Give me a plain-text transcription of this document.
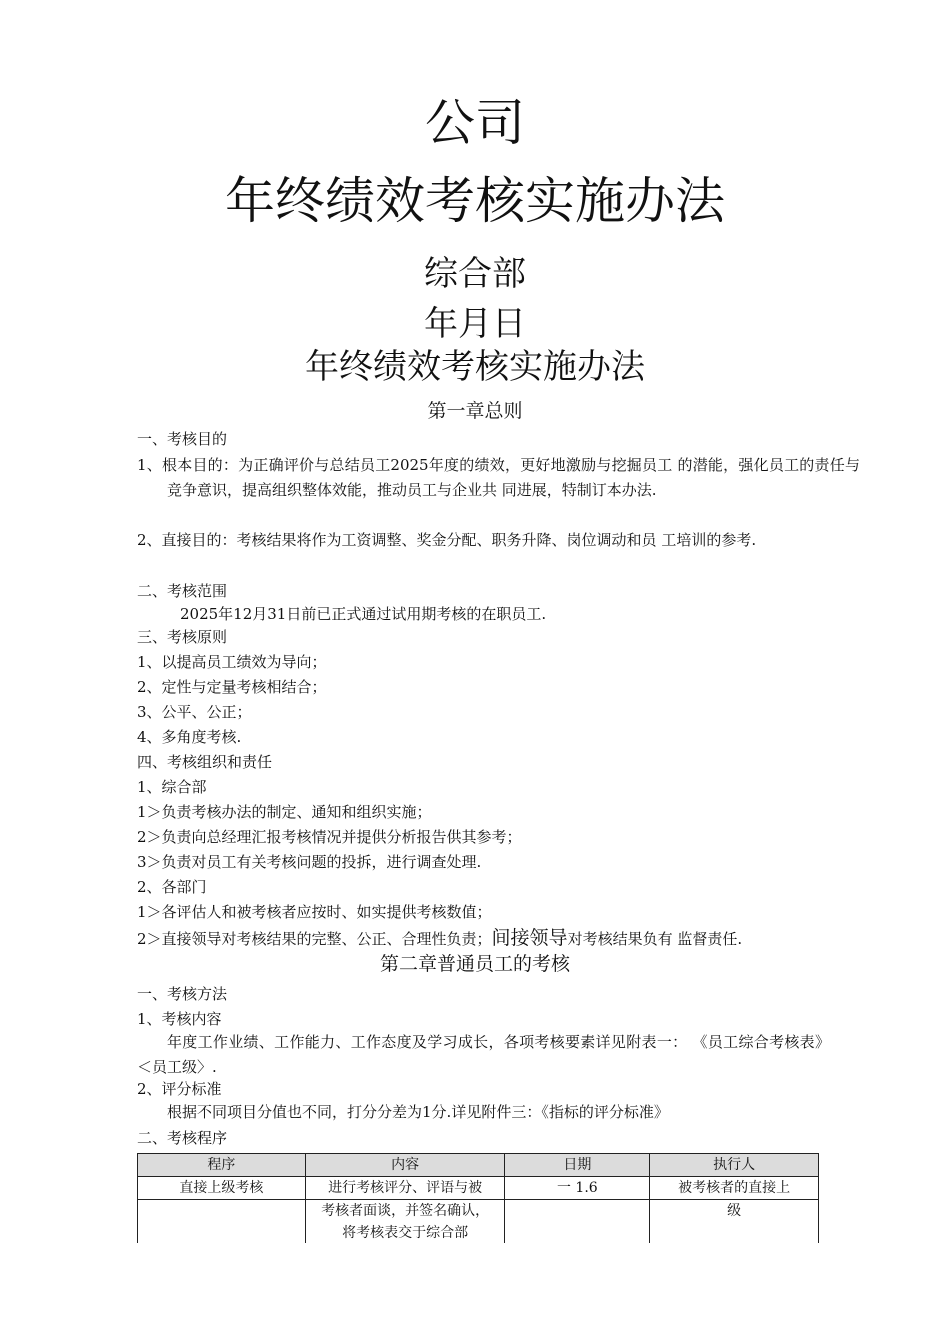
公司
年终绩效考核实施办法
综合部
年月日
年终绩效考核实施办法
第一章总则
一、考核目的
1、根本目的：为正确评价与总结员工2025年度的绩效，更好地激励与挖掘员工 的潜能，强化员工的责任与竞争意识，提高组织整体效能，推动员工与企业共 同进展，特制订本办法.
2、直接目的：考核结果将作为工资调整、奖金分配、职务升降、岗位调动和员 工培训的参考.
二、考核范围
2025年12月31日前已正式通过试用期考核的在职员工.
三、考核原则
1、以提高员工绩效为导向；
2、定性与定量考核相结合；
3、公平、公正；
4、多角度考核.
四、考核组织和责任
1、综合部
1＞负责考核办法的制定、通知和组织实施；
2＞负责向总经理汇报考核情况并提供分析报告供其参考；
3＞负责对员工有关考核问题的投拆，进行调查处理.
2、各部门
1＞各评估人和被考核者应按时、如实提供考核数值；
2＞直接领导对考核结果的完整、公正、合理性负责；间接领导对考核结果负有 监督责任.
第二章普通员工的考核
一、考核方法
1、考核内容
年度工作业绩、工作能力、工作态度及学习成长，各项考核要素详见附表一： 《员工综合考核表》＜员工级〉.
2、评分标准
根据不同项目分值也不同，打分分差为1分.详见附件三：《指标的评分标准》
二、考核程序
程序	内容	日期	执行人
直接上级考核	进行考核评分、评语与被	一 1.6	被考核者的直接上
	考核者面谈，并签名确认，将考核表交于综合部		级
